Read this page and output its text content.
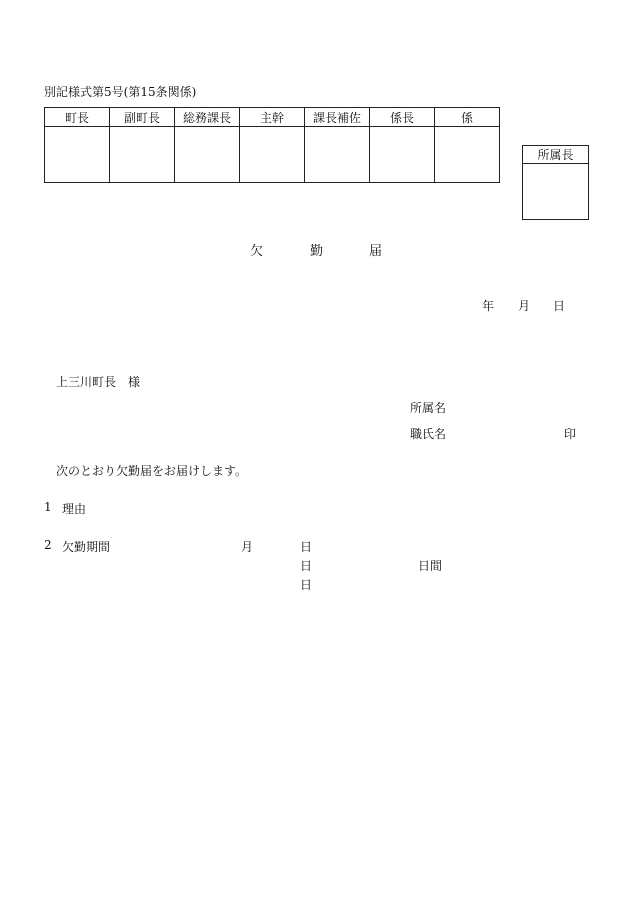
別記様式第5号(第15条関係)
町長	副町長	総務課長	主幹	課長補佐	係長	係

所属長

欠	勤	届
年 月 日
上三川町長　様
所属名
職氏名	印
次のとおり欠勤届をお届けします。
1 理由
2 欠勤期間	月	日
日	日間
日
